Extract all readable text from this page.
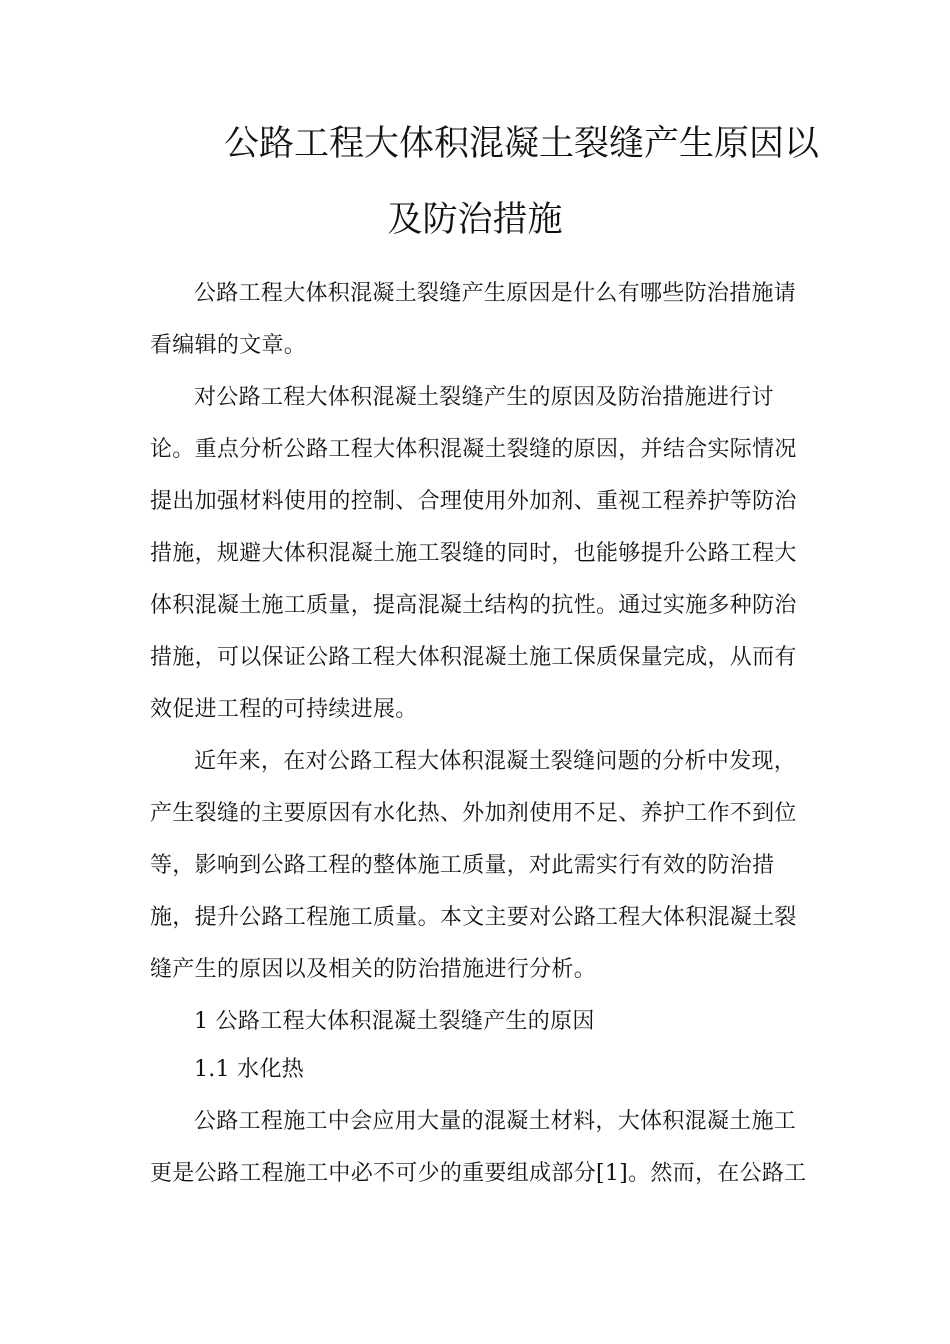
公路工程大体积混凝土裂缝产生原因以
及防治措施
公路工程大体积混凝土裂缝产生原因是什么有哪些防治措施请
看编辑的文章。
对公路工程大体积混凝土裂缝产生的原因及防治措施进行讨
论。重点分析公路工程大体积混凝土裂缝的原因，并结合实际情况
提出加强材料使用的控制、合理使用外加剂、重视工程养护等防治
措施，规避大体积混凝土施工裂缝的同时，也能够提升公路工程大
体积混凝土施工质量，提高混凝土结构的抗性。通过实施多种防治
措施，可以保证公路工程大体积混凝土施工保质保量完成，从而有
效促进工程的可持续进展。
近年来，在对公路工程大体积混凝土裂缝问题的分析中发现，
产生裂缝的主要原因有水化热、外加剂使用不足、养护工作不到位
等，影响到公路工程的整体施工质量，对此需实行有效的防治措
施，提升公路工程施工质量。本文主要对公路工程大体积混凝土裂
缝产生的原因以及相关的防治措施进行分析。
1 公路工程大体积混凝土裂缝产生的原因
1.1 水化热
公路工程施工中会应用大量的混凝土材料，大体积混凝土施工
更是公路工程施工中必不可少的重要组成部分[1]。然而，在公路工
